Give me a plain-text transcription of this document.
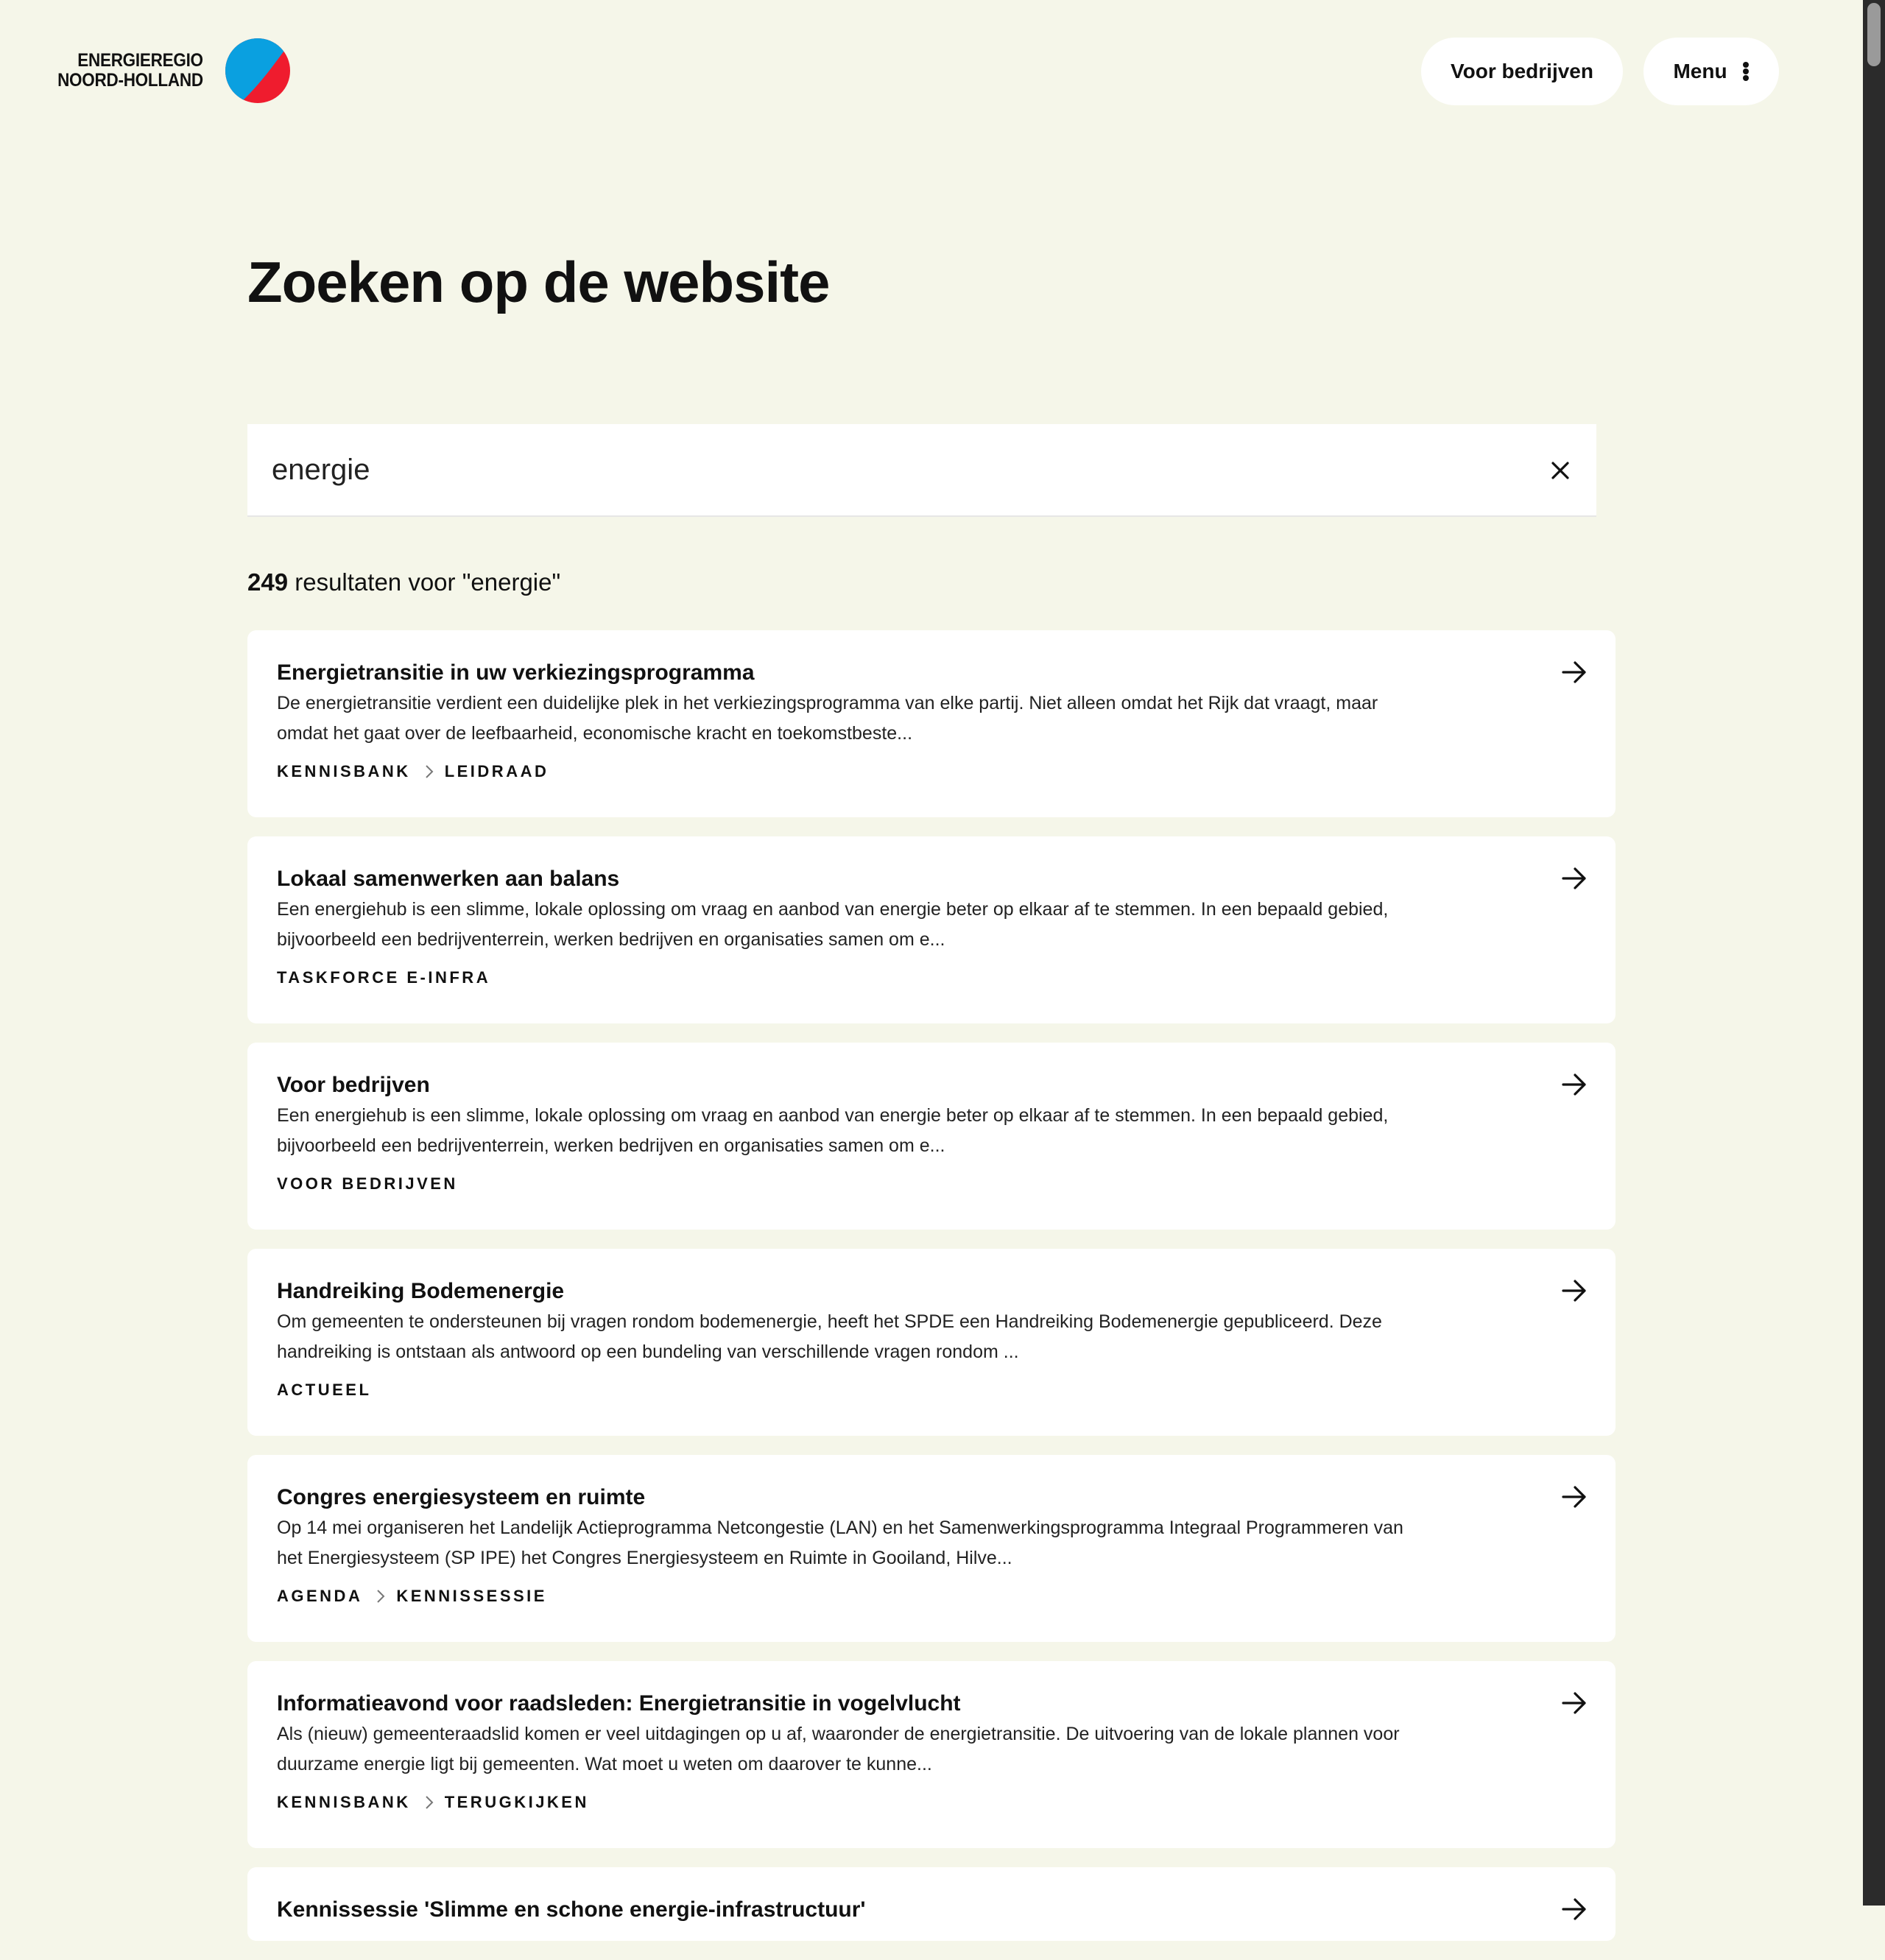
ENERGIEREGIO
NOORD-HOLLAND	Voor bedrijven	Menu
Zoeken op de website
energie

249 resultaten voor "energie"

Energietransitie in uw verkiezingsprogramma
De energietransitie verdient een duidelijke plek in het verkiezingsprogramma van elke partij. Niet alleen omdat het Rijk dat vraagt, maar omdat het gaat over de leefbaarheid, economische kracht en toekomstbeste...
KENNISBANK LEIDRAAD
Lokaal samenwerken aan balans
Een energiehub is een slimme, lokale oplossing om vraag en aanbod van energie beter op elkaar af te stemmen. In een bepaald gebied, bijvoorbeeld een bedrijventerrein, werken bedrijven en organisaties samen om e...
TASKFORCE E-INFRA
Voor bedrijven
Een energiehub is een slimme, lokale oplossing om vraag en aanbod van energie beter op elkaar af te stemmen. In een bepaald gebied, bijvoorbeeld een bedrijventerrein, werken bedrijven en organisaties samen om e...
VOOR BEDRIJVEN
Handreiking Bodemenergie
Om gemeenten te ondersteunen bij vragen rondom bodemenergie, heeft het SPDE een Handreiking Bodemenergie gepubliceerd. Deze handreiking is ontstaan als antwoord op een bundeling van verschillende vragen rondom ...
ACTUEEL
Congres energiesysteem en ruimte
Op 14 mei organiseren het Landelijk Actieprogramma Netcongestie (LAN) en het Samenwerkingsprogramma Integraal Programmeren van het Energiesysteem (SP IPE) het Congres Energiesysteem en Ruimte in Gooiland, Hilve...
AGENDA KENNISSESSIE
Informatieavond voor raadsleden: Energietransitie in vogelvlucht
Als (nieuw) gemeenteraadslid komen er veel uitdagingen op u af, waaronder de energietransitie. De uitvoering van de lokale plannen voor duurzame energie ligt bij gemeenten. Wat moet u weten om daarover te kunne...
KENNISBANK TERUGKIJKEN
Kennissessie 'Slimme en schone energie-infrastructuur'
